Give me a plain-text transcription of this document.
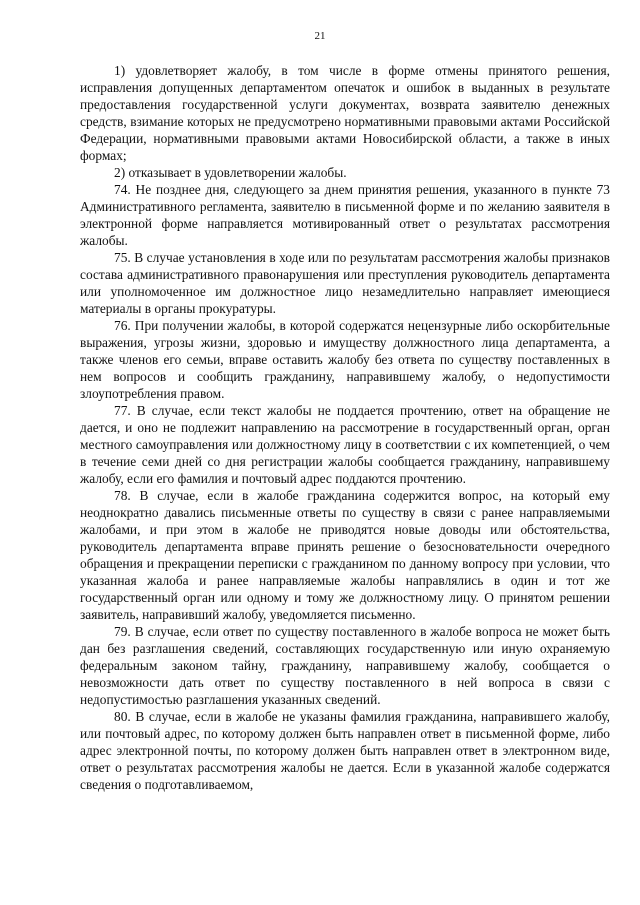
21

1) удовлетворяет жалобу, в том числе в форме отмены принятого решения, исправления допущенных департаментом опечаток и ошибок в выданных в результате предоставления государственной услуги документах, возврата заявителю денежных средств, взимание которых не предусмотрено нормативными правовыми актами Российской Федерации, нормативными правовыми актами Новосибирской области, а также в иных формах;

2) отказывает в удовлетворении жалобы.

74. Не позднее дня, следующего за днем принятия решения, указанного в пункте 73 Административного регламента, заявителю в письменной форме и по желанию заявителя в электронной форме направляется мотивированный ответ о результатах рассмотрения жалобы.

75. В случае установления в ходе или по результатам рассмотрения жалобы признаков состава административного правонарушения или преступления руководитель департамента или уполномоченное им должностное лицо незамедлительно направляет имеющиеся материалы в органы прокуратуры.

76. При получении жалобы, в которой содержатся нецензурные либо оскорбительные выражения, угрозы жизни, здоровью и имуществу должностного лица департамента, а также членов его семьи, вправе оставить жалобу без ответа по существу поставленных в нем вопросов и сообщить гражданину, направившему жалобу, о недопустимости злоупотребления правом.

77. В случае, если текст жалобы не поддается прочтению, ответ на обращение не дается, и оно не подлежит направлению на рассмотрение в государственный орган, орган местного самоуправления или должностному лицу в соответствии с их компетенцией, о чем в течение семи дней со дня регистрации жалобы сообщается гражданину, направившему жалобу, если его фамилия и почтовый адрес поддаются прочтению.

78. В случае, если в жалобе гражданина содержится вопрос, на который ему неоднократно давались письменные ответы по существу в связи с ранее направляемыми жалобами, и при этом в жалобе не приводятся новые доводы или обстоятельства, руководитель департамента вправе принять решение о безосновательности очередного обращения и прекращении переписки с гражданином по данному вопросу при условии, что указанная жалоба и ранее направляемые жалобы направлялись в один и тот же государственный орган или одному и тому же должностному лицу. О принятом решении заявитель, направивший жалобу, уведомляется письменно.

79. В случае, если ответ по существу поставленного в жалобе вопроса не может быть дан без разглашения сведений, составляющих государственную или иную охраняемую федеральным законом тайну, гражданину, направившему жалобу, сообщается о невозможности дать ответ по существу поставленного в ней вопроса в связи с недопустимостью разглашения указанных сведений.

80. В случае, если в жалобе не указаны фамилия гражданина, направившего жалобу, или почтовый адрес, по которому должен быть направлен ответ в письменной форме, либо адрес электронной почты, по которому должен быть направлен ответ в электронном виде, ответ о результатах рассмотрения жалобы не дается. Если в указанной жалобе содержатся сведения о подготавливаемом,
